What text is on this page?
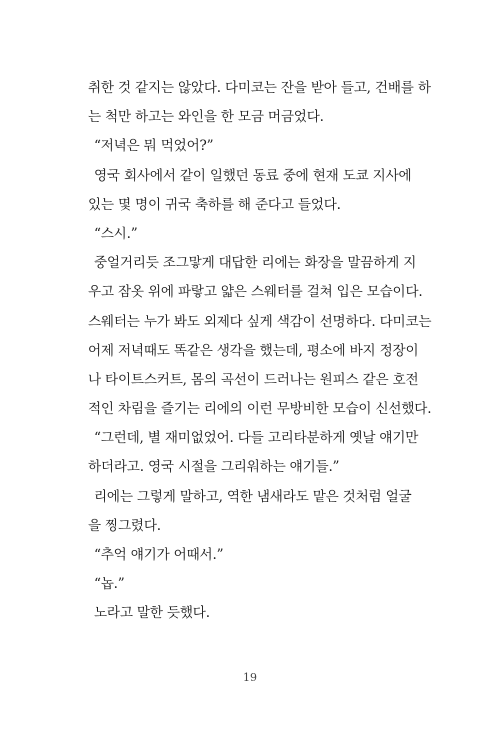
취한 것 같지는 않았다. 다미코는 잔을 받아 들고, 건배를 하
는 척만 하고는 와인을 한 모금 머금었다.
“저녁은 뭐 먹었어?”
영국 회사에서 같이 일했던 동료 중에 현재 도쿄 지사에
있는 몇 명이 귀국 축하를 해 준다고 들었다.
“스시.”
중얼거리듯 조그맣게 대답한 리에는 화장을 말끔하게 지
우고 잠옷 위에 파랗고 얇은 스웨터를 걸쳐 입은 모습이다.
스웨터는 누가 봐도 외제다 싶게 색감이 선명하다. 다미코는
어제 저녁때도 똑같은 생각을 했는데, 평소에 바지 정장이
나 타이트스커트, 몸의 곡선이 드러나는 원피스 같은 호전
적인 차림을 즐기는 리에의 이런 무방비한 모습이 신선했다.
“그런데, 별 재미없었어. 다들 고리타분하게 옛날 얘기만
하더라고. 영국 시절을 그리워하는 얘기들.”
리에는 그렇게 말하고, 역한 냄새라도 맡은 것처럼 얼굴
을 찡그렸다.
“추억 얘기가 어때서.”
“놉.”
노라고 말한 듯했다.
19
